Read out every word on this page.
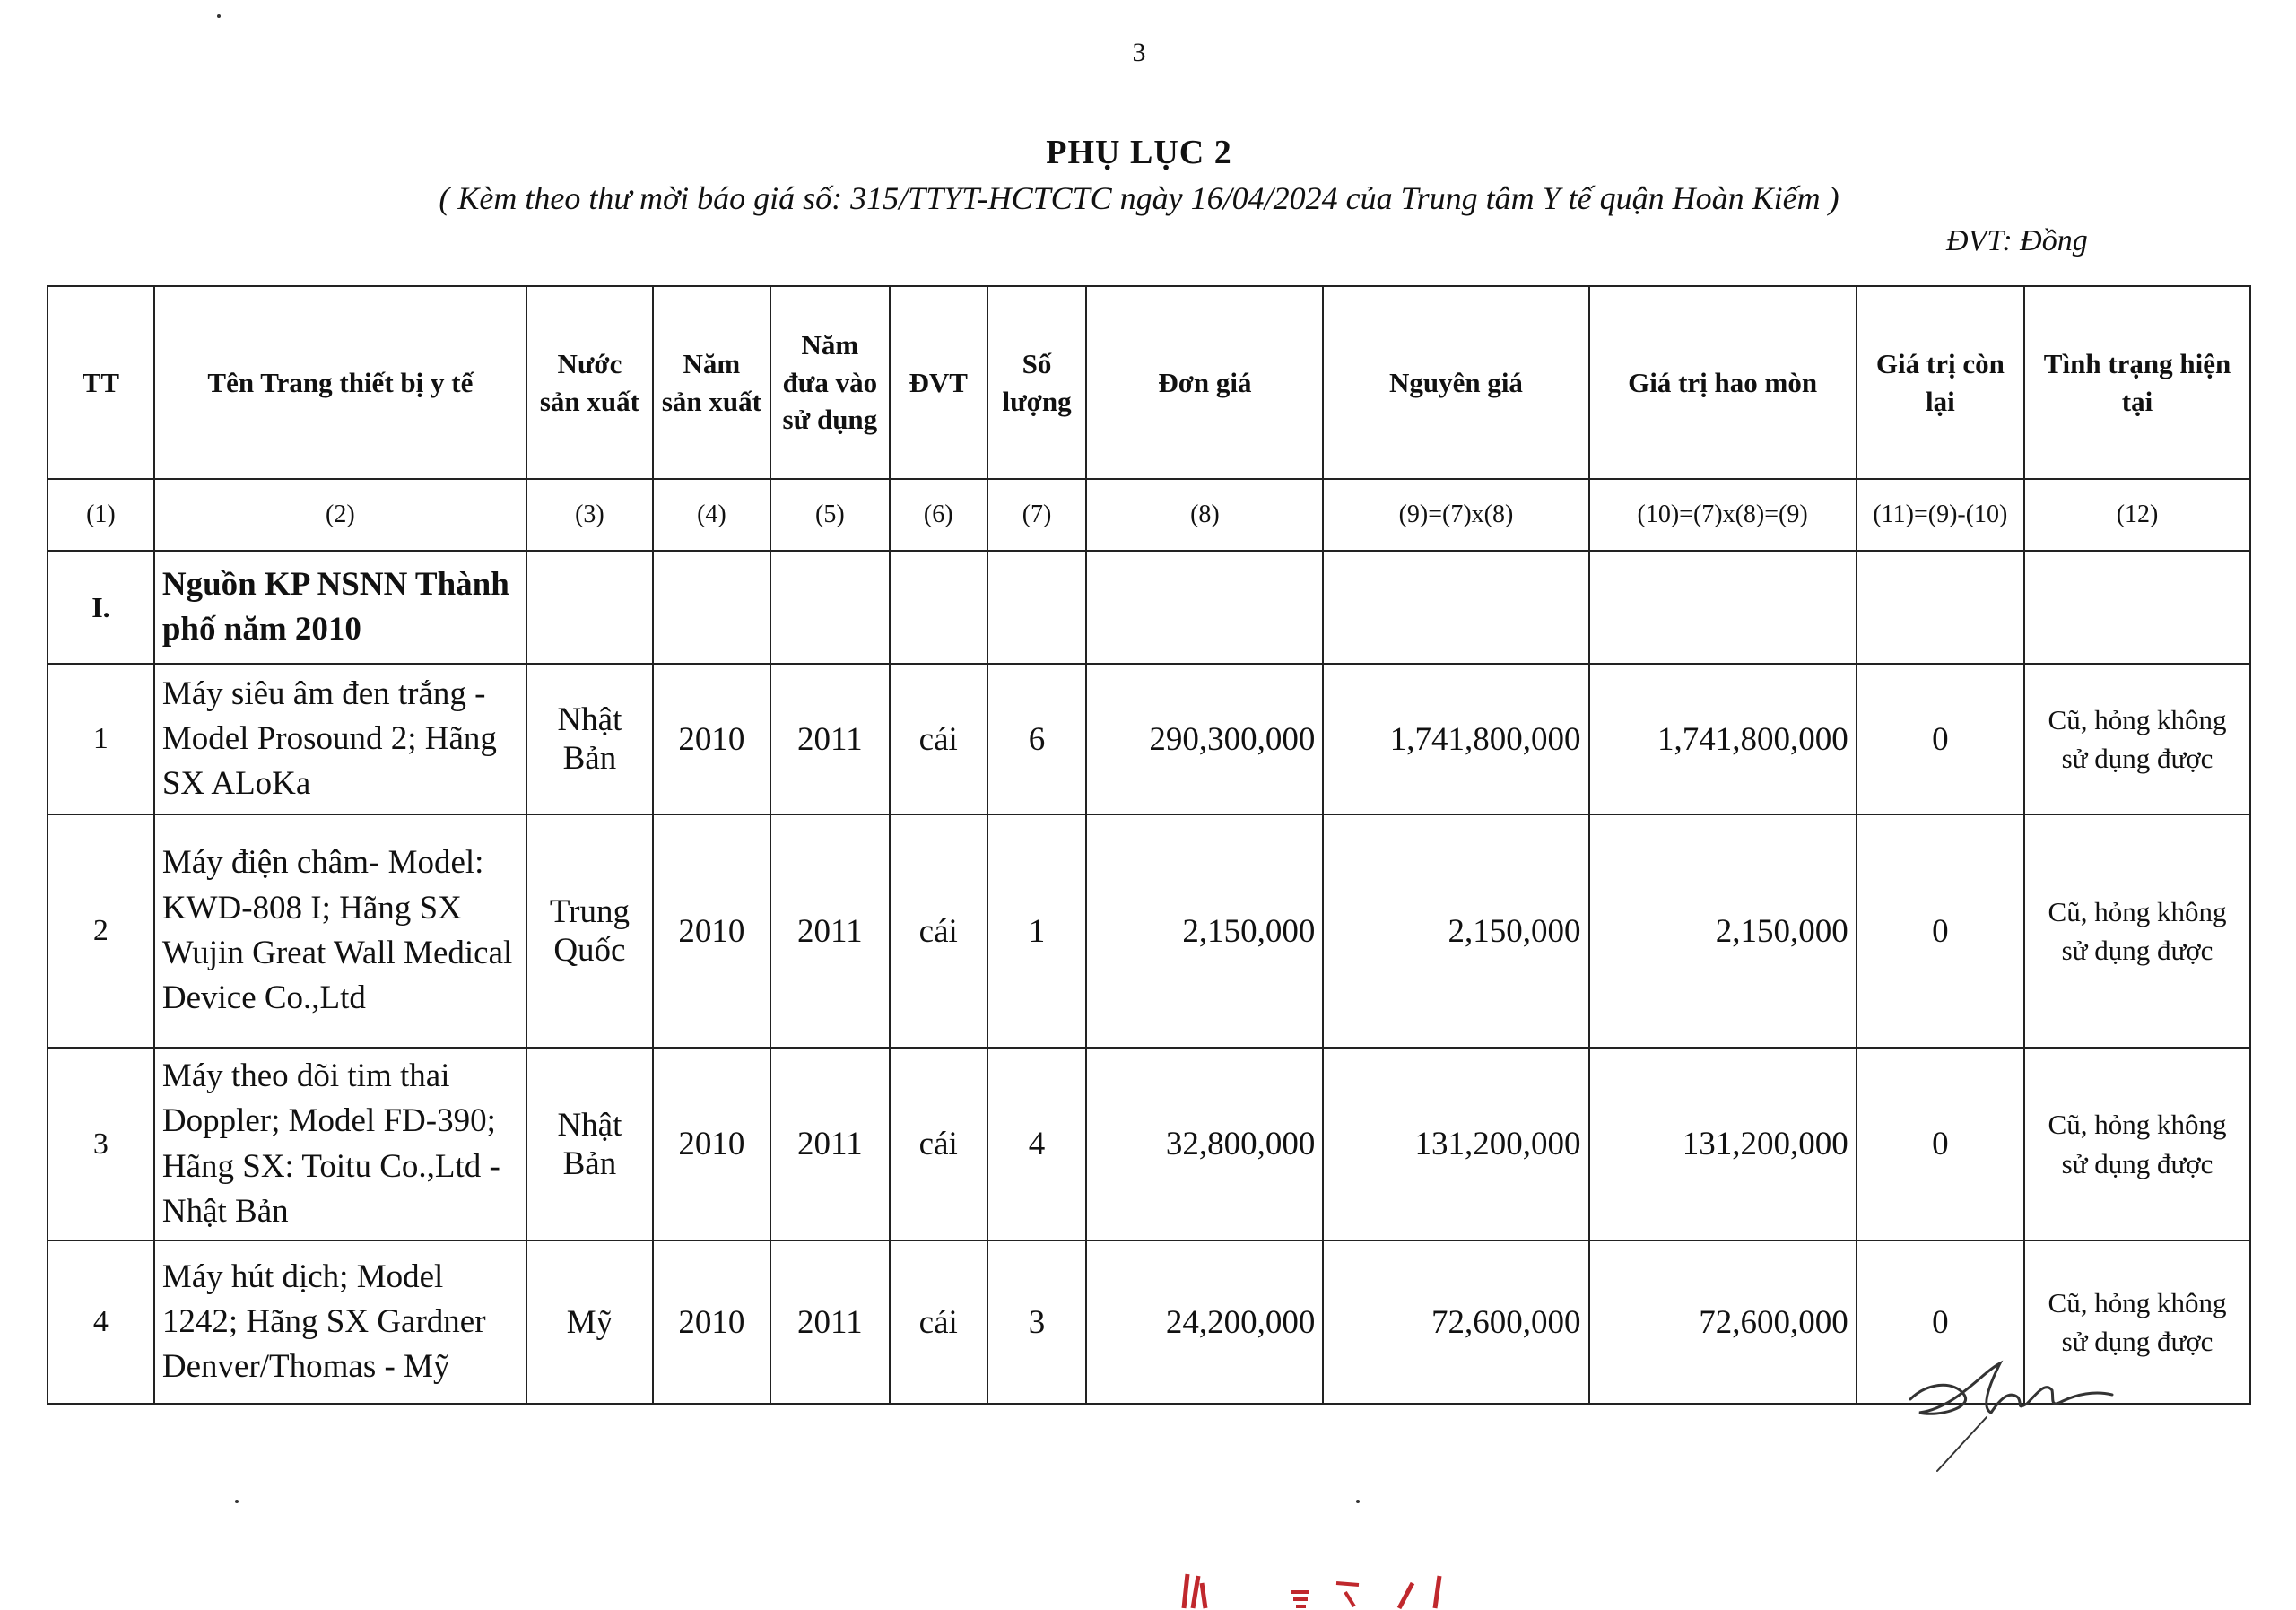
3
PHỤ LỤC 2
( Kèm theo thư mời báo giá số: 315/TTYT-HCTCTC ngày 16/04/2024 của Trung tâm Y tế quận Hoàn Kiếm )
ĐVT: Đồng
TT	Tên Trang thiết bị y tế	Nước sản xuất	Năm sản xuất	Năm đưa vào sử dụng	ĐVT	Số lượng	Đơn giá	Nguyên giá	Giá trị hao mòn	Giá trị còn lại	Tình trạng hiện tại
(1)	(2)	(3)	(4)	(5)	(6)	(7)	(8)	(9)=(7)x(8)	(10)=(7)x(8)=(9)	(11)=(9)-(10)	(12)
I.	Nguồn KP NSNN Thành phố năm 2010										
1	Máy siêu âm đen trắng - Model Prosound 2; Hãng SX ALoKa	Nhật Bản	2010	2011	cái	6	290,300,000	1,741,800,000	1,741,800,000	0	Cũ, hỏng không sử dụng được
2	Máy điện châm- Model: KWD-808 I; Hãng SX Wujin Great Wall Medical Device Co.,Ltd	Trung Quốc	2010	2011	cái	1	2,150,000	2,150,000	2,150,000	0	Cũ, hỏng không sử dụng được
3	Máy theo dõi tim thai Doppler; Model FD-390; Hãng SX: Toitu Co.,Ltd - Nhật Bản	Nhật Bản	2010	2011	cái	4	32,800,000	131,200,000	131,200,000	0	Cũ, hỏng không sử dụng được
4	Máy hút dịch; Model 1242; Hãng SX Gardner Denver/Thomas - Mỹ	Mỹ	2010	2011	cái	3	24,200,000	72,600,000	72,600,000	0	Cũ, hỏng không sử dụng được
